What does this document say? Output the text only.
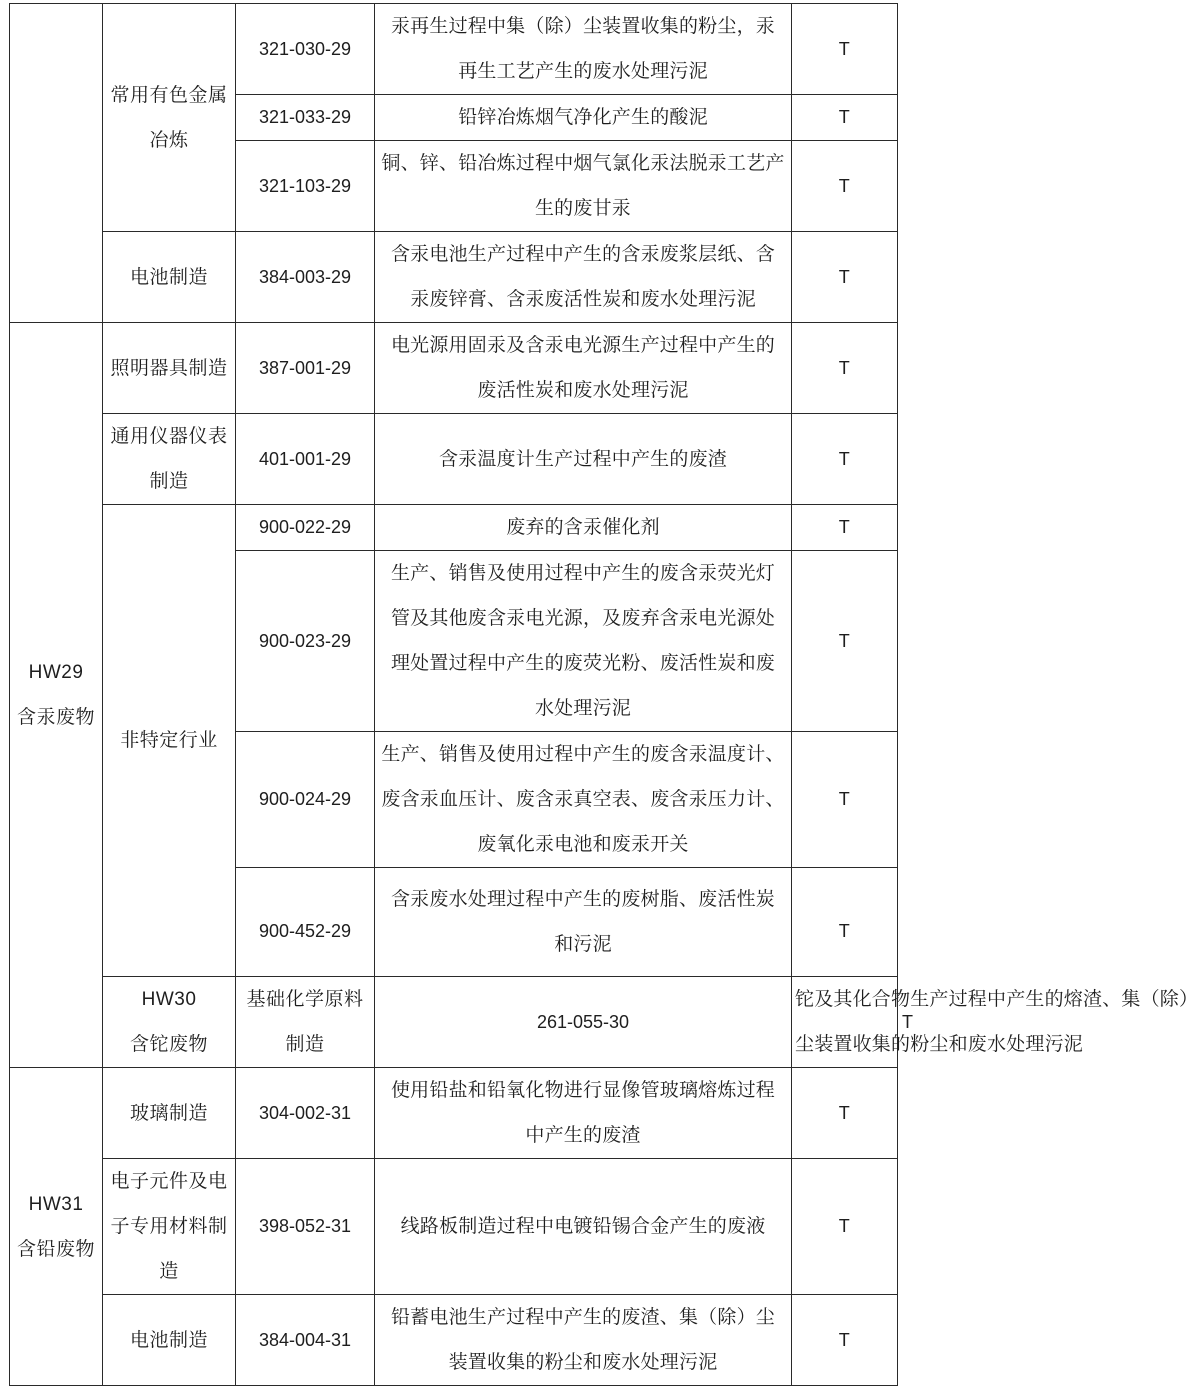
	常用有色金属
冶炼	321-030-29	汞再生过程中集（除）尘装置收集的粉尘，汞
再生工艺产生的废水处理污泥	T	
		321-033-29	铅锌冶炼烟气净化产生的酸泥	T	
		321-103-29	铜、锌、铅冶炼过程中烟气氯化汞法脱汞工艺产
生的废甘汞	T	

	电池制造	384-003-29	含汞电池生产过程中产生的含汞废浆层纸、含
汞废锌膏、含汞废活性炭和废水处理污泥	T	

HW29
含汞废物	照明器具制造	387-001-29	电光源用固汞及含汞电光源生产过程中产生的
废活性炭和废水处理污泥	T	

	通用仪器仪表
制造	401-001-29	含汞温度计生产过程中产生的废渣	T	

	非特定行业	900-022-29	废弃的含汞催化剂	T	
		900-023-29	生产、销售及使用过程中产生的废含汞荧光灯
管及其他废含汞电光源，及废弃含汞电光源处
理处置过程中产生的废荧光粉、废活性炭和废
水处理污泥	T	
		900-024-29	生产、销售及使用过程中产生的废含汞温度计、
废含汞血压计、废含汞真空表、废含汞压力计、
废氧化汞电池和废汞开关	T	
		900-452-29	含汞废水处理过程中产生的废树脂、废活性炭
和污泥	T	

	HW30
含铊废物	基础化学原料
制造	261-055-30	铊及其化合物生产过程中产生的熔渣、集（除）
尘装置收集的粉尘和废水处理污泥	T

HW31
含铅废物	玻璃制造	304-002-31	使用铅盐和铅氧化物进行显像管玻璃熔炼过程
中产生的废渣	T	

	电子元件及电
子专用材料制
造	398-052-31	线路板制造过程中电镀铅锡合金产生的废液	T	

	电池制造	384-004-31	铅蓄电池生产过程中产生的废渣、集（除）尘
装置收集的粉尘和废水处理污泥	T	
